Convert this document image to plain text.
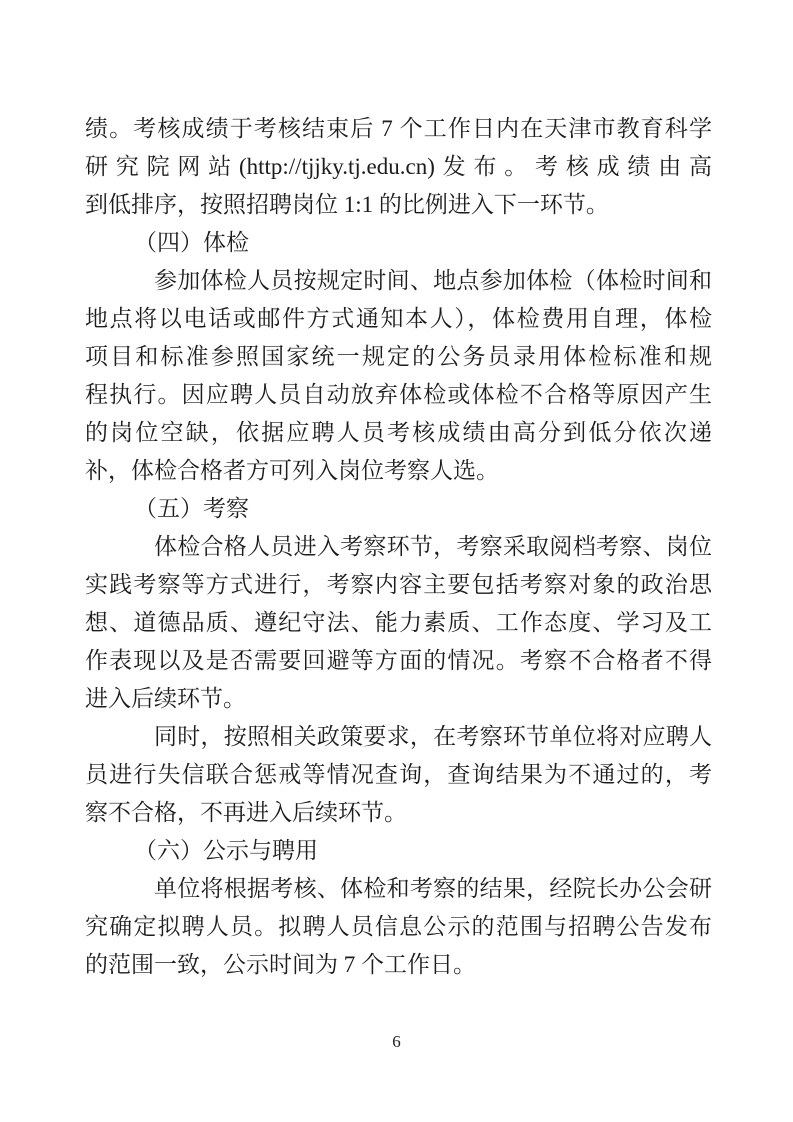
绩。考核成绩于考核结束后 7 个工作日内在天津市教育科学
研究院网站(http://tjjky.tj.edu.cn)发布。考核成绩由高
到低排序，按照招聘岗位 1:1 的比例进入下一环节。
（四）体检
参加体检人员按规定时间、地点参加体检（体检时间和
地点将以电话或邮件方式通知本人），体检费用自理，体检
项目和标准参照国家统一规定的公务员录用体检标准和规
程执行。因应聘人员自动放弃体检或体检不合格等原因产生
的岗位空缺，依据应聘人员考核成绩由高分到低分依次递
补，体检合格者方可列入岗位考察人选。
（五）考察
体检合格人员进入考察环节，考察采取阅档考察、岗位
实践考察等方式进行，考察内容主要包括考察对象的政治思
想、道德品质、遵纪守法、能力素质、工作态度、学习及工
作表现以及是否需要回避等方面的情况。考察不合格者不得
进入后续环节。
同时，按照相关政策要求，在考察环节单位将对应聘人
员进行失信联合惩戒等情况查询，查询结果为不通过的，考
察不合格，不再进入后续环节。
（六）公示与聘用
单位将根据考核、体检和考察的结果，经院长办公会研
究确定拟聘人员。拟聘人员信息公示的范围与招聘公告发布
的范围一致，公示时间为 7 个工作日。
6
